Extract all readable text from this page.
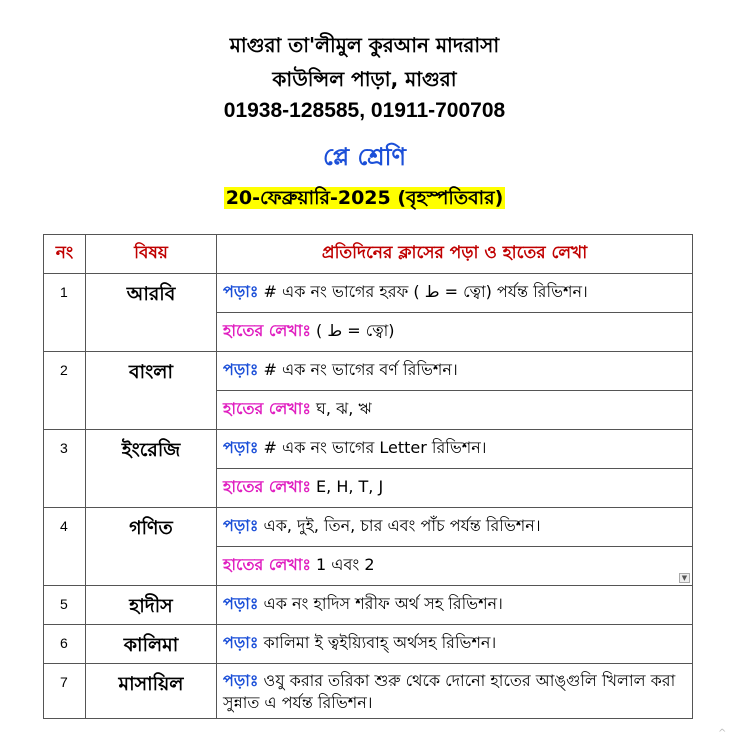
মাগুরা তা'লীমুল কুরআন মাদরাসা
কাউন্সিল পাড়া, মাগুরা
01938-128585, 01911-700708
প্লে শ্রেণি
20-ফেব্রুয়ারি-2025 (বৃহস্পতিবার)
নং	বিষয়	প্রতিদিনের ক্লাসের পড়া ও হাতের লেখা
1	আরবি	পড়াঃ # এক নং ভাগের হরফ ( ط = ত্বো) পর্যন্ত রিভিশন।
		হাতের লেখাঃ ( ط = ত্বো)
2	বাংলা	পড়াঃ # এক নং ভাগের বর্ণ রিভিশন।
		হাতের লেখাঃ ঘ, ঝ, ঋ
3	ইংরেজি	পড়াঃ # এক নং ভাগের Letter রিভিশন।
		হাতের লেখাঃ E, H, T, J
4	গণিত	পড়াঃ এক, দুই, তিন, চার এবং পাঁচ পর্যন্ত রিভিশন।
		হাতের লেখাঃ 1 এবং 2
▼

5	হাদীস	পড়াঃ এক নং হাদিস শরীফ অর্থ সহ রিভিশন।
6	কালিমা	পড়াঃ কালিমা ই ত্বইয়্যিবাহ্ অর্থসহ রিভিশন।
7	মাসায়িল	পড়াঃ ওযু করার তরিকা শুরু থেকে দোনো হাতের আঙ্গুলি খিলাল করা সুন্নাত এ পর্যন্ত রিভিশন।
^
